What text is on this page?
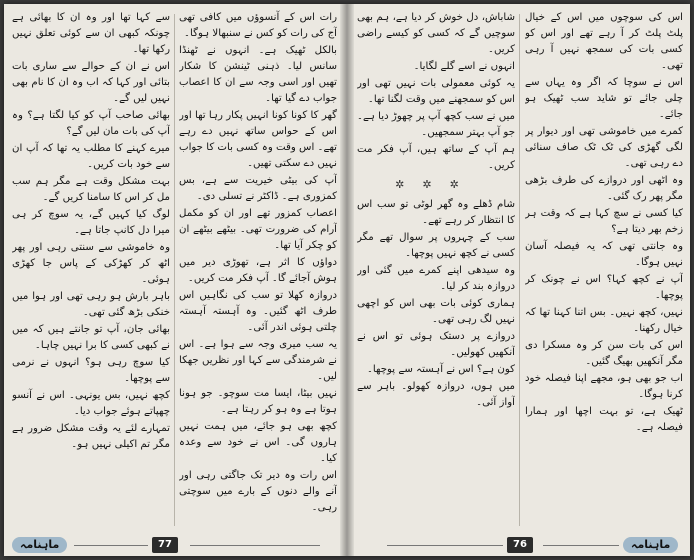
رات اس کے آنسوؤں میں کافی تھی آج کی رات کو کس نے سنبھالا ہوگا۔

بالکل ٹھیک ہے۔ انہوں نے ٹھنڈا سانس لیا۔ ذہنی ٹینشن کا شکار تھیں اور اسی وجہ سے ان کا اعصاب جواب دے گیا تھا۔

گھر کا کونا کونا انہیں پکار رہا تھا اور اس کے حواس ساتھ نہیں دے رہے تھے۔ اس وقت وہ کسی بات کا جواب نہیں دے سکتی تھیں۔

آپ کی بیٹی خیریت سے ہے، بس کمزوری ہے۔ ڈاکٹر نے تسلی دی۔

اعصاب کمزور تھے اور ان کو مکمل آرام کی ضرورت تھی۔ بیٹھے بیٹھے ان کو چکر آیا تھا۔

دواؤں کا اثر ہے، تھوڑی دیر میں ہوش آجائے گا۔ آپ فکر مت کریں۔

دروازہ کھلا تو سب کی نگاہیں اس طرف اٹھ گئیں۔ وہ آہستہ آہستہ چلتی ہوئی اندر آئی۔

یہ سب میری وجہ سے ہوا ہے۔ اس نے شرمندگی سے کہا اور نظریں جھکا لیں۔

نہیں بیٹا، ایسا مت سوچو۔ جو ہونا ہوتا ہے وہ ہو کر رہتا ہے۔

کچھ بھی ہو جائے، میں ہمت نہیں ہاروں گی۔ اس نے خود سے وعدہ کیا۔

اس رات وہ دیر تک جاگتی رہی اور آنے والے دنوں کے بارے میں سوچتی رہی۔

سے کہا تھا اور وہ ان کا بھائی ہے چونکہ کبھی ان سے کوئی تعلق نہیں رکھا تھا۔

اس نے ان کے حوالے سے ساری بات بتائی اور کہا کہ اب وہ ان کا نام بھی نہیں لیں گے۔

بھائی صاحب آپ کو کیا لگتا ہے؟ وہ آپ کی بات مان لیں گے؟

میرے کہنے کا مطلب یہ تھا کہ آپ ان سے خود بات کریں۔

بہت مشکل وقت ہے مگر ہم سب مل کر اس کا سامنا کریں گے۔

لوگ کیا کہیں گے، یہ سوچ کر ہی میرا دل کانپ جاتا ہے۔

وہ خاموشی سے سنتی رہی اور پھر اٹھ کر کھڑکی کے پاس جا کھڑی ہوئی۔

باہر بارش ہو رہی تھی اور ہوا میں خنکی بڑھ گئی تھی۔

بھائی جان، آپ تو جانتے ہیں کہ میں نے کبھی کسی کا برا نہیں چاہا۔

کیا سوچ رہی ہو؟ انہوں نے نرمی سے پوچھا۔

کچھ نہیں، بس یونہی۔ اس نے آنسو چھپاتے ہوئے جواب دیا۔

تمہارے لئے یہ وقت مشکل ضرور ہے مگر تم اکیلی نہیں ہو۔

77
ماہنامہ

اس کی سوچوں میں اس کے خیال پلٹ پلٹ کر آ رہے تھے اور اس کو کسی بات کی سمجھ نہیں آ رہی تھی۔

اس نے سوچا کہ اگر وہ یہاں سے چلی جائے تو شاید سب ٹھیک ہو جائے۔

کمرے میں خاموشی تھی اور دیوار پر لگی گھڑی کی ٹک ٹک صاف سنائی دے رہی تھی۔

وہ اٹھی اور دروازے کی طرف بڑھی مگر پھر رک گئی۔

کیا کسی نے سچ کہا ہے کہ وقت ہر زخم بھر دیتا ہے؟

وہ جانتی تھی کہ یہ فیصلہ آسان نہیں ہوگا۔

آپ نے کچھ کہا؟ اس نے چونک کر پوچھا۔

نہیں، کچھ نہیں۔ بس اتنا کہنا تھا کہ خیال رکھنا۔

اس کی بات سن کر وہ مسکرا دی مگر آنکھیں بھیگ گئیں۔

اب جو بھی ہو، مجھے اپنا فیصلہ خود کرنا ہوگا۔

ٹھیک ہے، تو بہت اچھا اور ہمارا فیصلہ ہے۔

شاباش، دل خوش کر دیا ہے، ہم بھی سوچیں گے کہ کسی کو کیسے راضی کریں۔

انہوں نے اسے گلے لگایا۔

یہ کوئی معمولی بات نہیں تھی اور اس کو سمجھنے میں وقت لگنا تھا۔

میں نے سب کچھ آپ پر چھوڑ دیا ہے۔ جو آپ بہتر سمجھیں۔

ہم آپ کے ساتھ ہیں، آپ فکر مت کریں۔

✲✲✲

شام ڈھلے وہ گھر لوٹی تو سب اس کا انتظار کر رہے تھے۔

سب کے چہروں پر سوال تھے مگر کسی نے کچھ نہیں پوچھا۔

وہ سیدھی اپنے کمرے میں گئی اور دروازہ بند کر لیا۔

ہماری کوئی بات بھی اس کو اچھی نہیں لگ رہی تھی۔

دروازے پر دستک ہوئی تو اس نے آنکھیں کھولیں۔

کون ہے؟ اس نے آہستہ سے پوچھا۔

میں ہوں، دروازہ کھولو۔ باہر سے آواز آئی۔

76	ماہنامہ
